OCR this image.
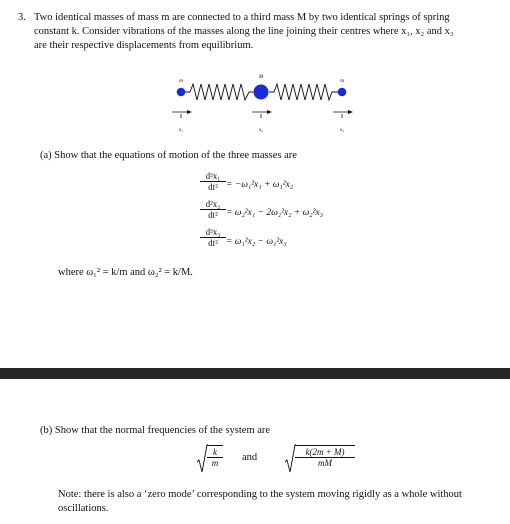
3. Two identical masses of mass m are connected to a third mass M by two identical springs of spring
constant k. Consider vibrations of the masses along the line joining their centres where x₁, x₂ and x₃
are their respective displacements from equilibrium.
m
M
m
x₁	x₂	x₃
(a) Show that the equations of motion of the three masses are
d²x₁
dt² = −ω₁²x₁ + ω₁²x₂
d²x₂
dt² = ω₂²x₁ − 2ω₂²x₂ + ω₂²x₃
d²x₃
dt² = ω₁²x₂ − ω₁²x₃
where ω₁² = k/m and ω₂² = k/M.
(b) Show that the normal frequencies of the system are
k
m	and	k(2m + M)
mM
Note: there is also a ‘zero mode’ corresponding to the system moving rigidly as a whole without
oscillations.
